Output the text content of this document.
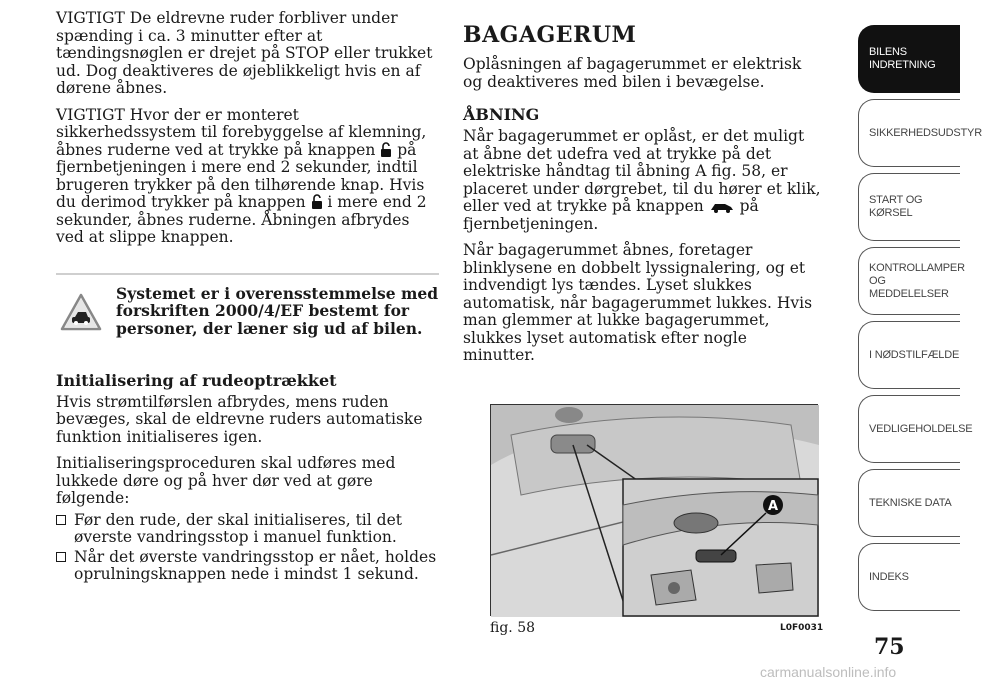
VIGTIGT De eldrevne ruder forbliver under spænding i ca. 3 minutter efter at tændingsnøglen er drejet på STOP eller trukket ud. Dog deaktiveres de øjeblikkeligt hvis en af dørene åbnes.

VIGTIGT Hvor der er monteret sikkerhedssystem til forebyggelse af klemning, åbnes ruderne ved at trykke på knappen  på fjernbetjeningen i mere end 2 sekunder, indtil brugeren trykker på den tilhørende knap. Hvis du derimod trykker på knappen  i mere end 2 sekunder, åbnes ruderne. Åbningen afbrydes ved at slippe knappen.

Systemet er i overensstemmelse med forskriften 2000/4/EF bestemt for personer, der læner sig ud af bilen.
Initialisering af rudeoptrækket

Hvis strømtilførslen afbrydes, mens ruden bevæges, skal de eldrevne ruders automatiske funktion initialiseres igen.

Initialiseringsproceduren skal udføres med lukkede døre og på hver dør ved at gøre følgende:

Før den rude, der skal initialiseres, til det øverste vandringsstop i manuel funktion.
Når det øverste vandringsstop er nået, holdes oprulningsknappen nede i mindst 1 sekund.
BAGAGERUM

Oplåsningen af bagagerummet er elektrisk og deaktiveres med bilen i bevægelse.

ÅBNING

Når bagagerummet er oplåst, er det muligt at åbne det udefra ved at trykke på det elektriske håndtag til åbning A fig. 58, er placeret under dørgrebet, til du hører et klik, eller ved at trykke på knappen  på fjernbetjeningen.

Når bagagerummet åbnes, foretager blinklysene en dobbelt lyssignalering, og et indvendigt lys tændes. Lyset slukkes automatisk, når bagagerummet lukkes. Hvis man glemmer at lukke bagagerummet, slukkes lyset automatisk efter nogle minutter.

A
fig. 58	L0F0031
BILENS INDRETNING
SIKKERHEDSUDSTYR
START OG KØRSEL
KONTROLLAMPER OG MEDDELELSER
I NØDSTILFÆLDE
VEDLIGEHOLDELSE
TEKNISKE DATA
INDEKS
75
carmanualsonline.info
